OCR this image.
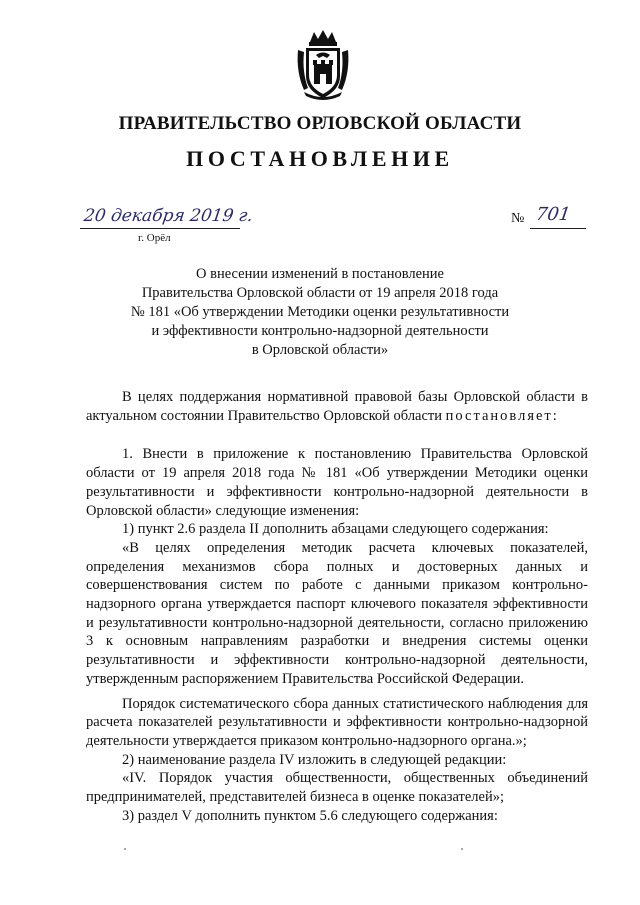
ПРАВИТЕЛЬСТВО ОРЛОВСКОЙ ОБЛАСТИ
ПОСТАНОВЛЕНИЕ
20 декабря 2019 г.
г. Орёл
№ 701
О внесении изменений в постановление
Правительства Орловской области от 19 апреля 2018 года
№ 181 «Об утверждении Методики оценки результативности
и эффективности контрольно-надзорной деятельности
в Орловской области»

В целях поддержания нормативной правовой базы Орловской области в актуальном состоянии Правительство Орловской области постановляет:

1. Внести в приложение к постановлению Правительства Орловской области от 19 апреля 2018 года № 181 «Об утверждении Методики оценки результативности и эффективности контрольно-надзорной деятельности в Орловской области» следующие изменения:

1) пункт 2.6 раздела II дополнить абзацами следующего содержания:

«В целях определения методик расчета ключевых показателей, определения механизмов сбора полных и достоверных данных и совершенствования систем по работе с данными приказом контрольно-надзорного органа утверждается паспорт ключевого показателя эффективности и результативности контрольно-надзорной деятельности, согласно приложению 3 к основным направлениям разработки и внедрения системы оценки результативности и эффективности контрольно-надзорной деятельности, утвержденным распоряжением Правительства Российской Федерации.

Порядок систематического сбора данных статистического наблюдения для расчета показателей результативности и эффективности контрольно-надзорной деятельности утверждается приказом контрольно-надзорного органа.»;

2) наименование раздела IV изложить в следующей редакции:

«IV. Порядок участия общественности, общественных объединений предпринимателей, представителей бизнеса в оценке показателей»;

3) раздел V дополнить пунктом 5.6 следующего содержания:
